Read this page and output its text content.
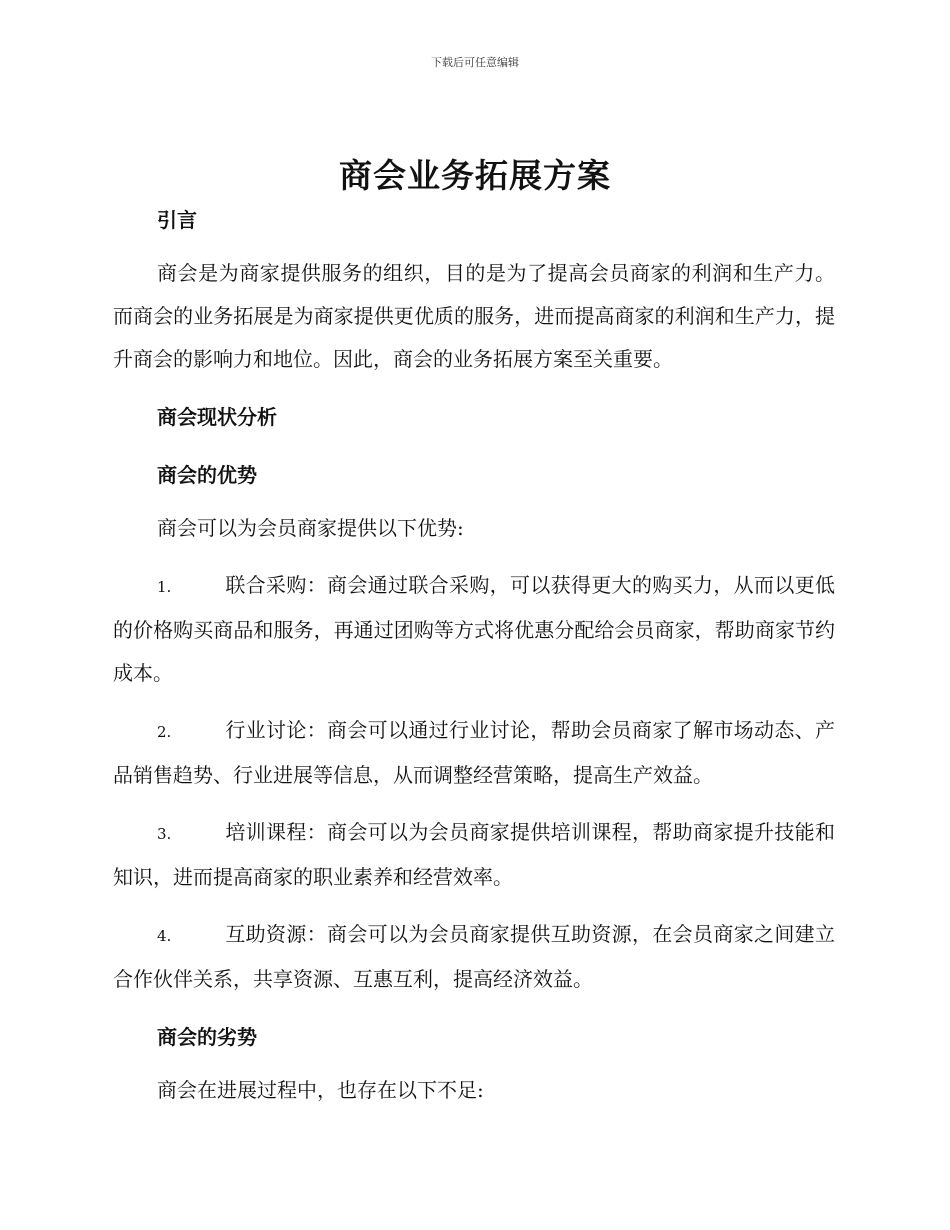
下载后可任意编辑
商会业务拓展方案

引言

商会是为商家提供服务的组织，目的是为了提高会员商家的利润和生产力。而商会的业务拓展是为商家提供更优质的服务，进而提高商家的利润和生产力，提升商会的影响力和地位。因此，商会的业务拓展方案至关重要。

商会现状分析

商会的优势

商会可以为会员商家提供以下优势:

1.	联合采购：商会通过联合采购，可以获得更大的购买力，从而以更低的价格购买商品和服务，再通过团购等方式将优惠分配给会员商家，帮助商家节约成本。

2.	行业讨论：商会可以通过行业讨论，帮助会员商家了解市场动态、产品销售趋势、行业进展等信息，从而调整经营策略，提高生产效益。

3.	培训课程：商会可以为会员商家提供培训课程，帮助商家提升技能和知识，进而提高商家的职业素养和经营效率。

4.	互助资源：商会可以为会员商家提供互助资源，在会员商家之间建立合作伙伴关系，共享资源、互惠互利，提高经济效益。

商会的劣势

商会在进展过程中，也存在以下不足:
